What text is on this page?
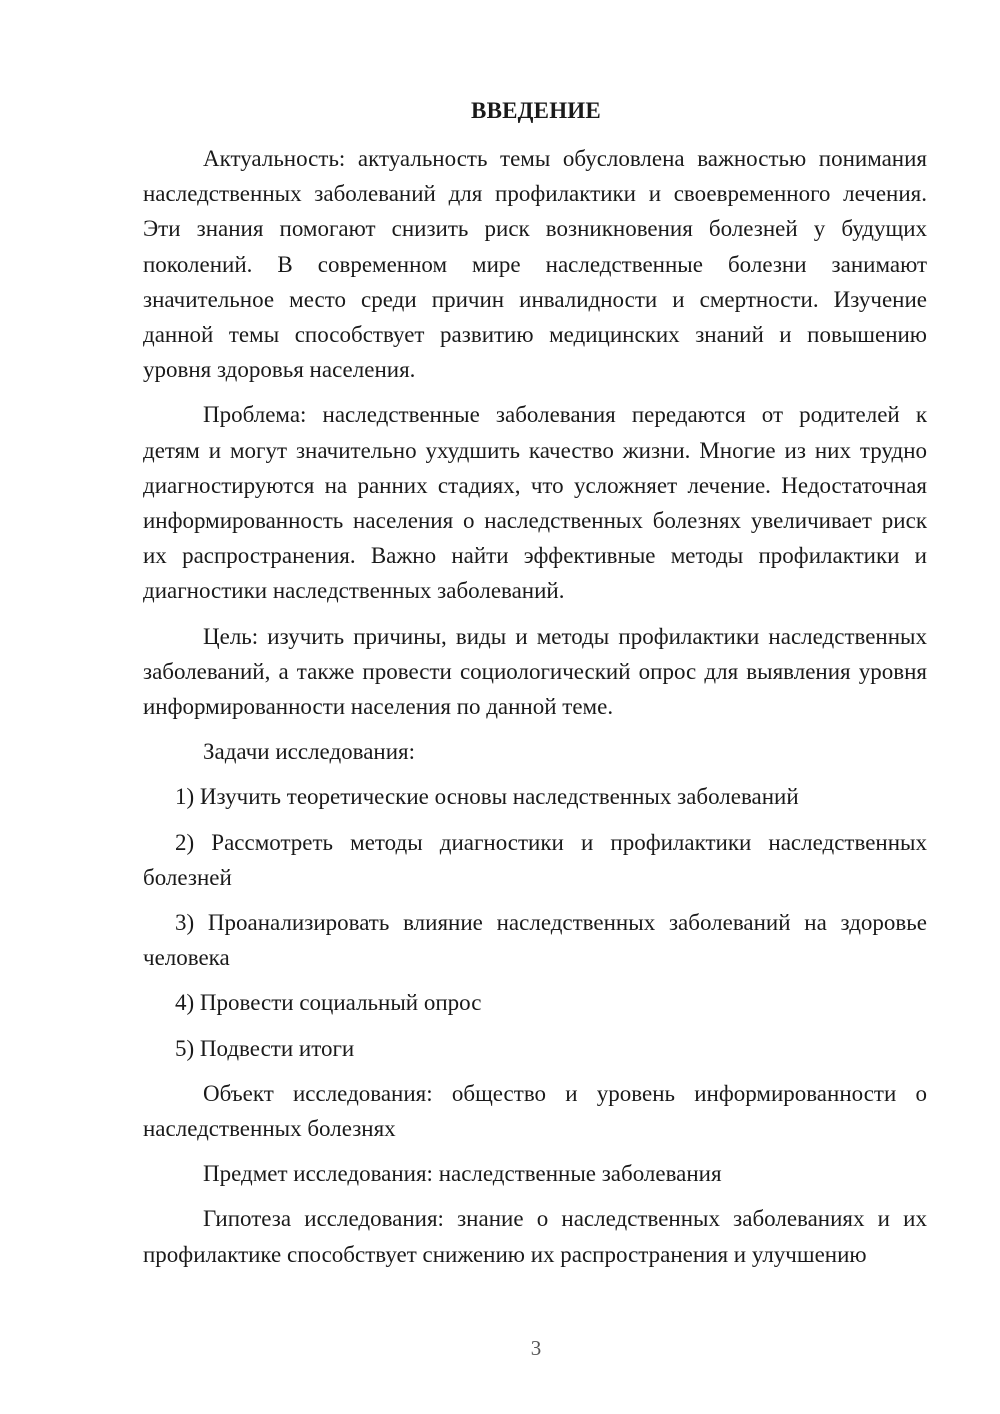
ВВЕДЕНИЕ

Актуальность: актуальность темы обусловлена важностью понимания наследственных заболеваний для профилактики и своевременного лечения. Эти знания помогают снизить риск возникновения болезней у будущих поколений. В современном мире наследственные болезни занимают значительное место среди причин инвалидности и смертности. Изучение данной темы способствует развитию медицинских знаний и повышению уровня здоровья населения.

Проблема: наследственные заболевания передаются от родителей к детям и могут значительно ухудшить качество жизни. Многие из них трудно диагностируются на ранних стадиях, что усложняет лечение. Недостаточная информированность населения о наследственных болезнях увеличивает риск их распространения. Важно найти эффективные методы профилактики и диагностики наследственных заболеваний.

Цель: изучить причины, виды и методы профилактики наследственных заболеваний, а также провести социологический опрос для выявления уровня информированности населения по данной теме.

Задачи исследования:

1) Изучить теоретические основы наследственных заболеваний

2) Рассмотреть методы диагностики и профилактики наследственных болезней

3) Проанализировать влияние наследственных заболеваний на здоровье человека

4) Провести социальный опрос

5) Подвести итоги

Объект исследования: общество и уровень информированности о наследственных болезнях

Предмет исследования: наследственные заболевания

Гипотеза исследования: знание о наследственных заболеваниях и их профилактике способствует снижению их распространения и улучшению

3
